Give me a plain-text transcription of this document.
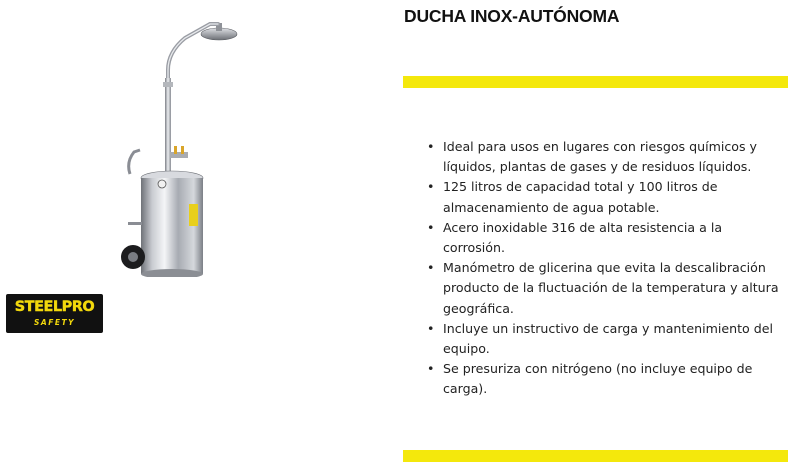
STEELPRO
SAFETY
DUCHA INOX-AUTÓNOMA
• Ideal para usos en lugares con riesgos químicos y líquidos, plantas de gases y de residuos líquidos.
• 125 litros de capacidad total y 100 litros de almacenamiento de agua potable.
• Acero inoxidable 316 de alta resistencia a la corrosión.
• Manómetro de glicerina que evita la descalibración producto de la fluctuación de la temperatura y altura geográfica.
• Incluye un instructivo de carga y mantenimiento del equipo.
• Se presuriza con nitrógeno (no incluye equipo de carga).
